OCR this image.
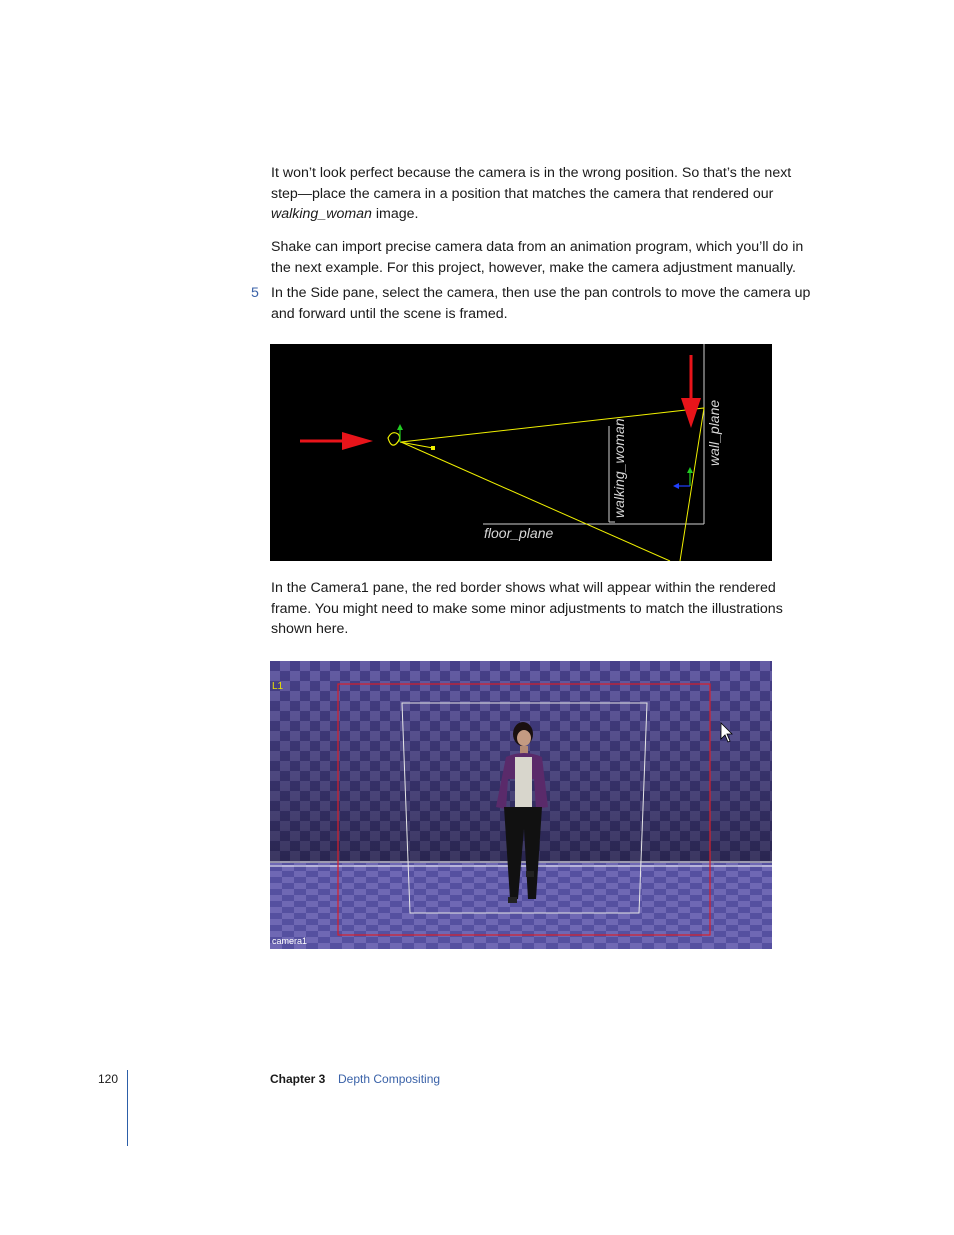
It won’t look perfect because the camera is in the wrong position. So that’s the next step—place the camera in a position that matches the camera that rendered our walking_woman image.

Shake can import precise camera data from an animation program, which you’ll do in the next example. For this project, however, make the camera adjustment manually.

5 In the Side pane, select the camera, then use the pan controls to move the camera up and forward until the scene is framed.

walking_woman	wall_plane
floor_plane

In the Camera1 pane, the red border shows what will appear within the rendered frame. You might need to make some minor adjustments to match the illustrations shown here.

L1
camera1
120	Chapter 3 Depth Compositing
